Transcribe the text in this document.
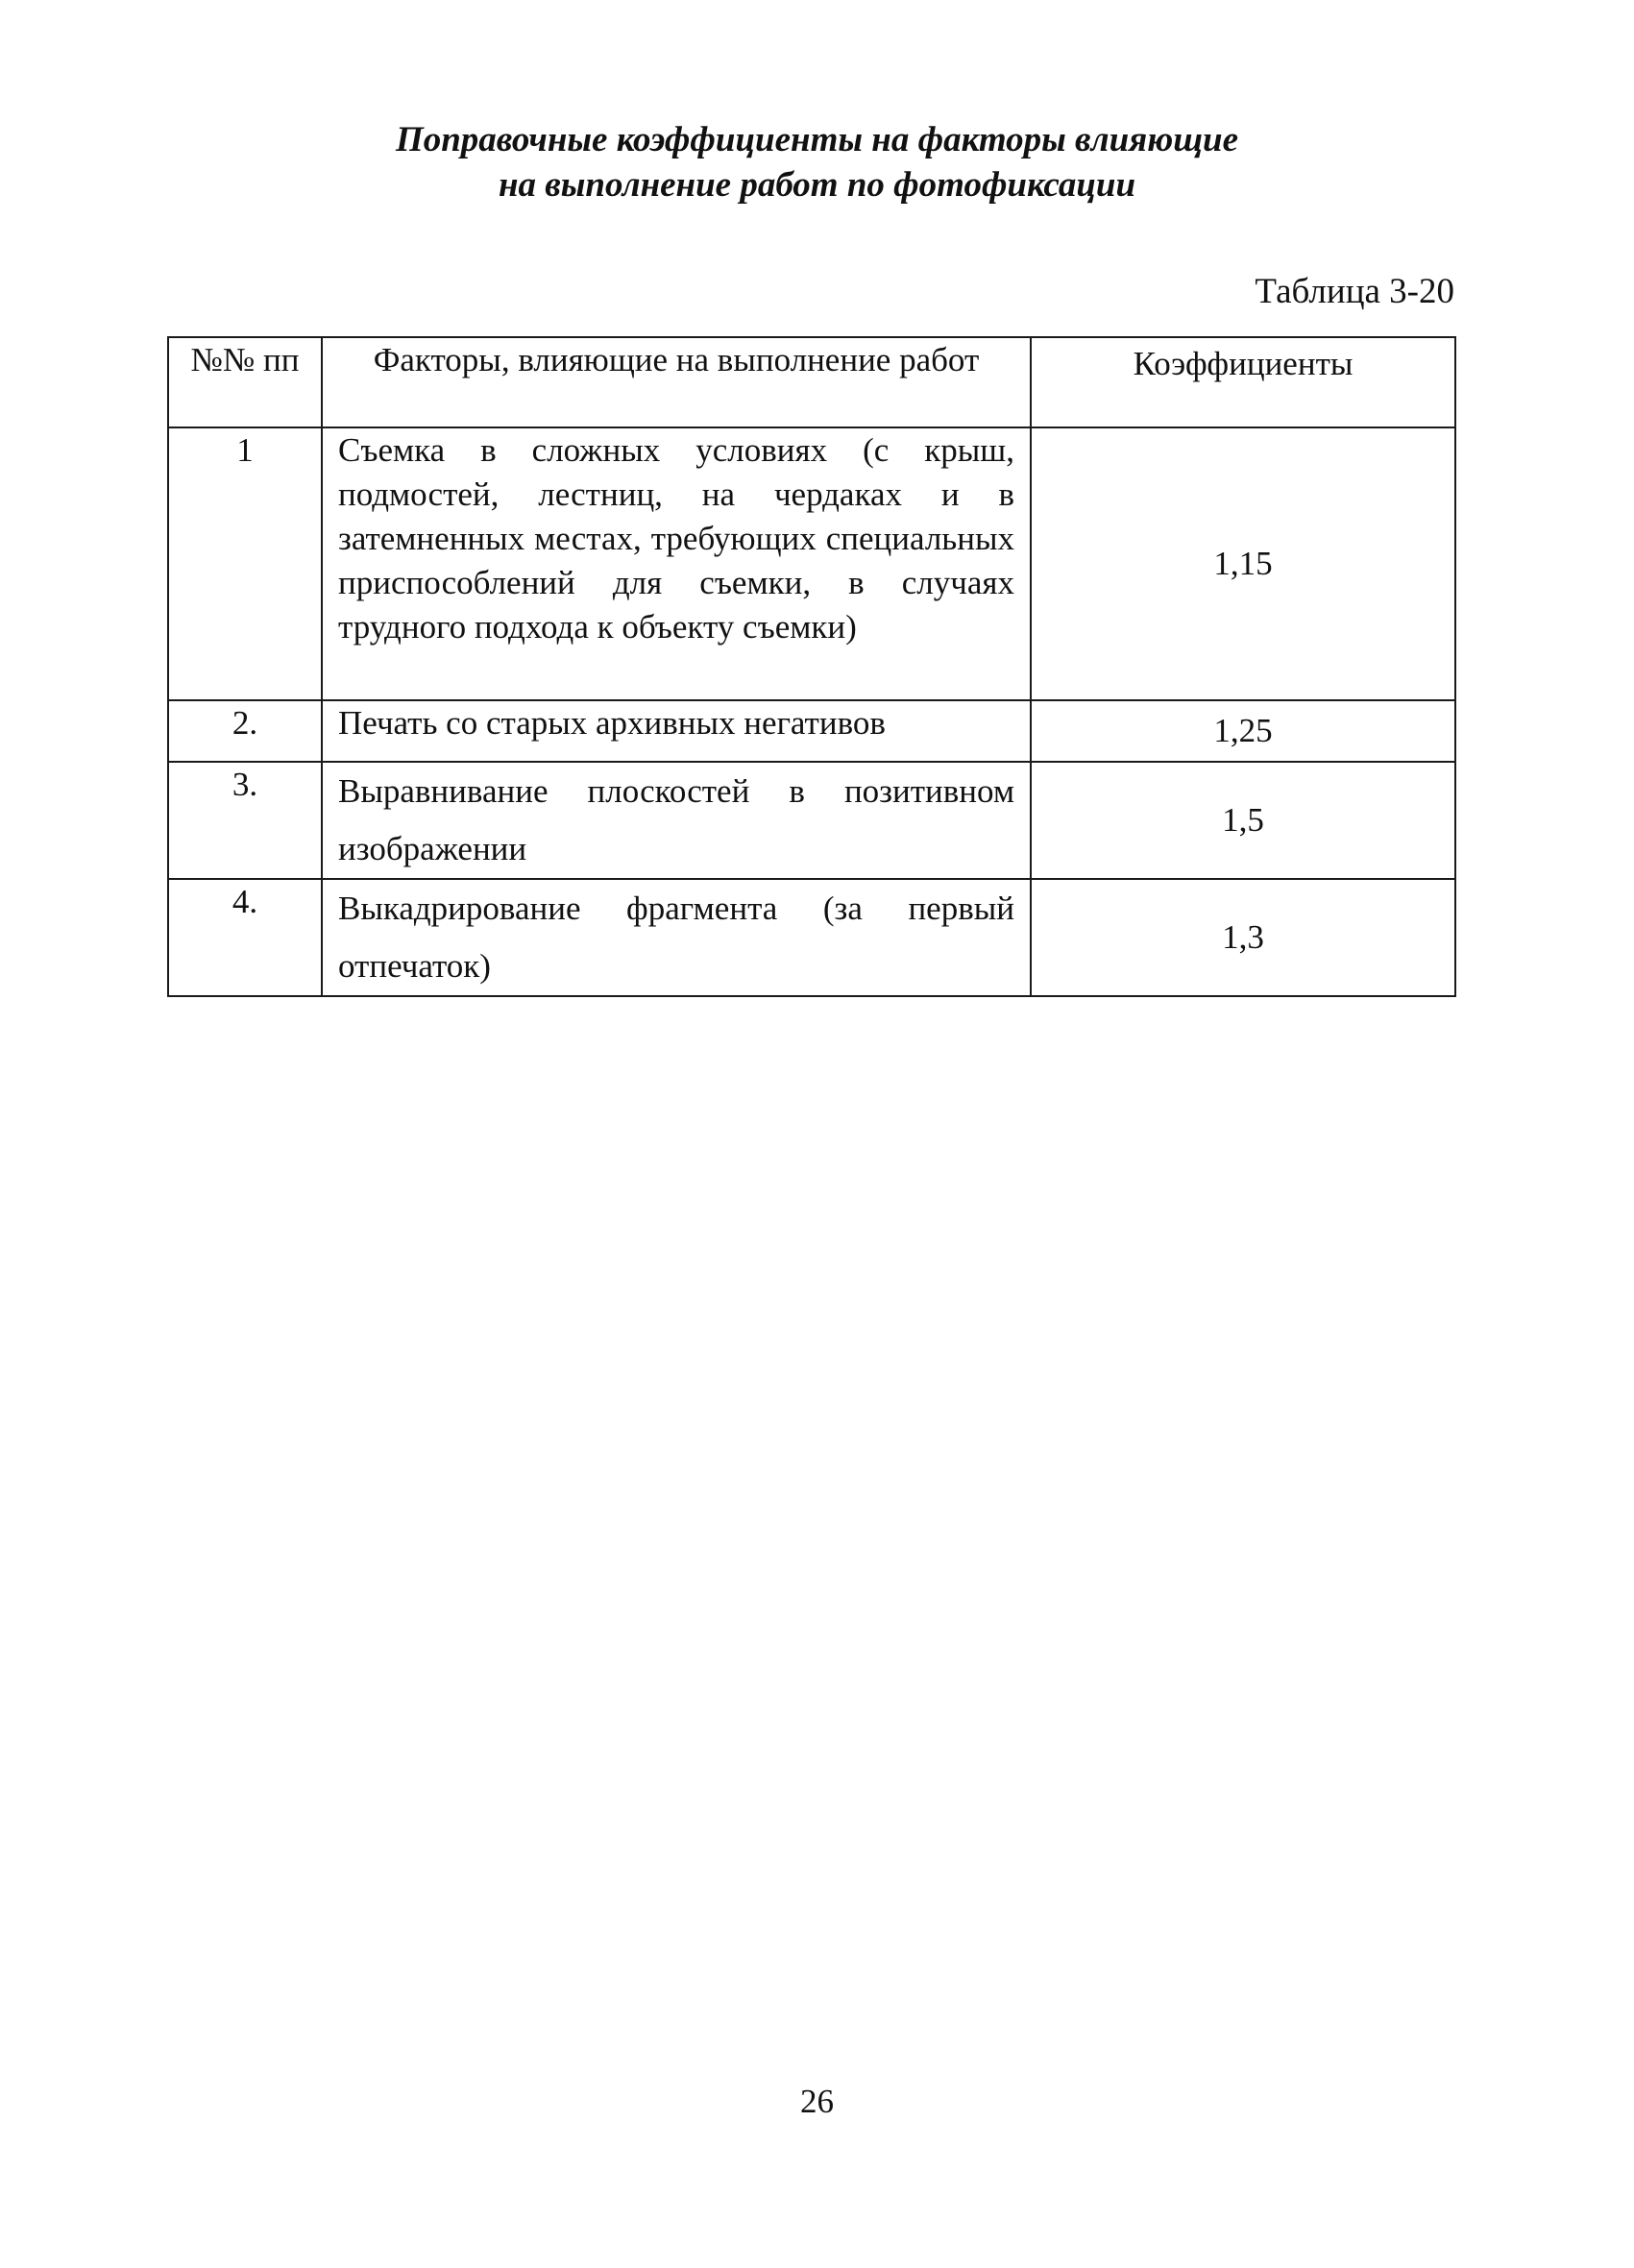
Поправочные коэффициенты на факторы влияющие
на выполнение работ по фотофиксации
Таблица 3-20
№№ пп	Факторы, влияющие на выполнение работ	Коэффициенты
1	Съемка в сложных условиях (с крыш, подмостей, лестниц, на чердаках и в затемненных местах, требующих специальных приспособлений для съемки, в случаях трудного подхода к объекту съемки)	1,15
2.	Печать со старых архивных негативов	1,25
3.	Выравнивание плоскостей в позитивном изображении	1,5
4.	Выкадрирование фрагмента (за первый отпечаток)	1,3
26
